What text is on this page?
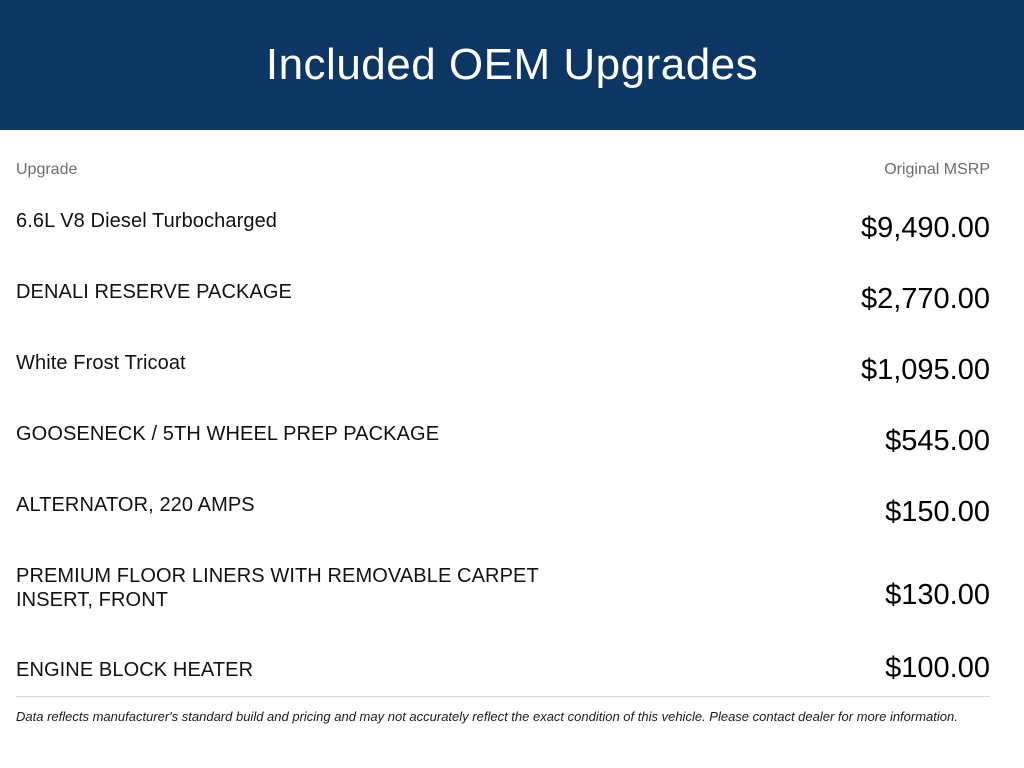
Included OEM Upgrades
Upgrade	Original MSRP
6.6L V8 Diesel Turbocharged	$9,490.00
DENALI RESERVE PACKAGE	$2,770.00
White Frost Tricoat	$1,095.00
GOOSENECK / 5TH WHEEL PREP PACKAGE	$545.00
ALTERNATOR, 220 AMPS	$150.00
PREMIUM FLOOR LINERS WITH REMOVABLE CARPET INSERT, FRONT	$130.00
ENGINE BLOCK HEATER	$100.00

Data reflects manufacturer's standard build and pricing and may not accurately reflect the exact condition of this vehicle. Please contact dealer for more information.
